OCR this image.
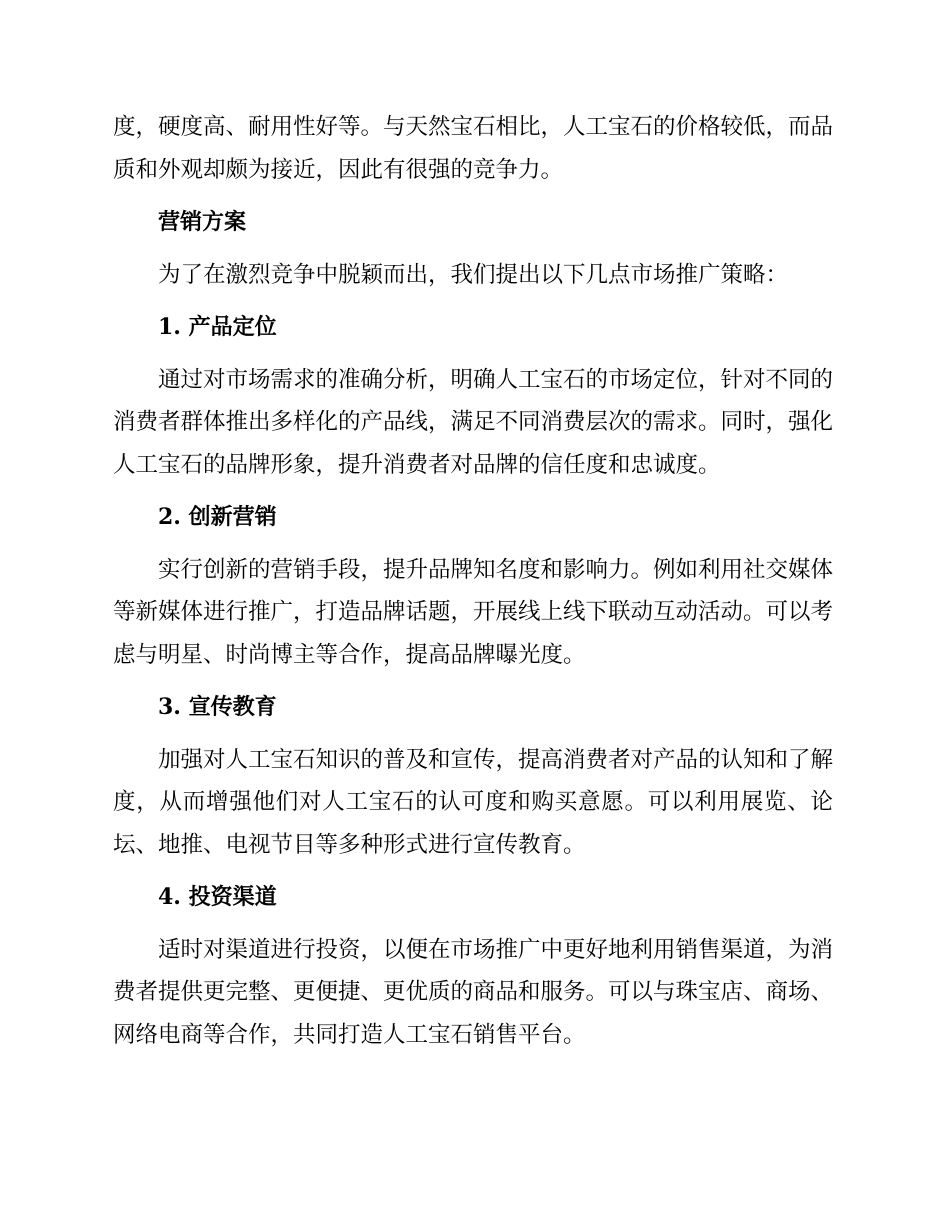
度，硬度高、耐用性好等。与天然宝石相比，人工宝石的价格较低，而品质和外观却颇为接近，因此有很强的竞争力。

营销方案

为了在激烈竞争中脱颖而出，我们提出以下几点市场推广策略：

1. 产品定位

通过对市场需求的准确分析，明确人工宝石的市场定位，针对不同的消费者群体推出多样化的产品线，满足不同消费层次的需求。同时，强化人工宝石的品牌形象，提升消费者对品牌的信任度和忠诚度。

2. 创新营销

实行创新的营销手段，提升品牌知名度和影响力。例如利用社交媒体等新媒体进行推广，打造品牌话题，开展线上线下联动互动活动。可以考虑与明星、时尚博主等合作，提高品牌曝光度。

3. 宣传教育

加强对人工宝石知识的普及和宣传，提高消费者对产品的认知和了解度，从而增强他们对人工宝石的认可度和购买意愿。可以利用展览、论坛、地推、电视节目等多种形式进行宣传教育。

4. 投资渠道

适时对渠道进行投资，以便在市场推广中更好地利用销售渠道，为消费者提供更完整、更便捷、更优质的商品和服务。可以与珠宝店、商场、网络电商等合作，共同打造人工宝石销售平台。
